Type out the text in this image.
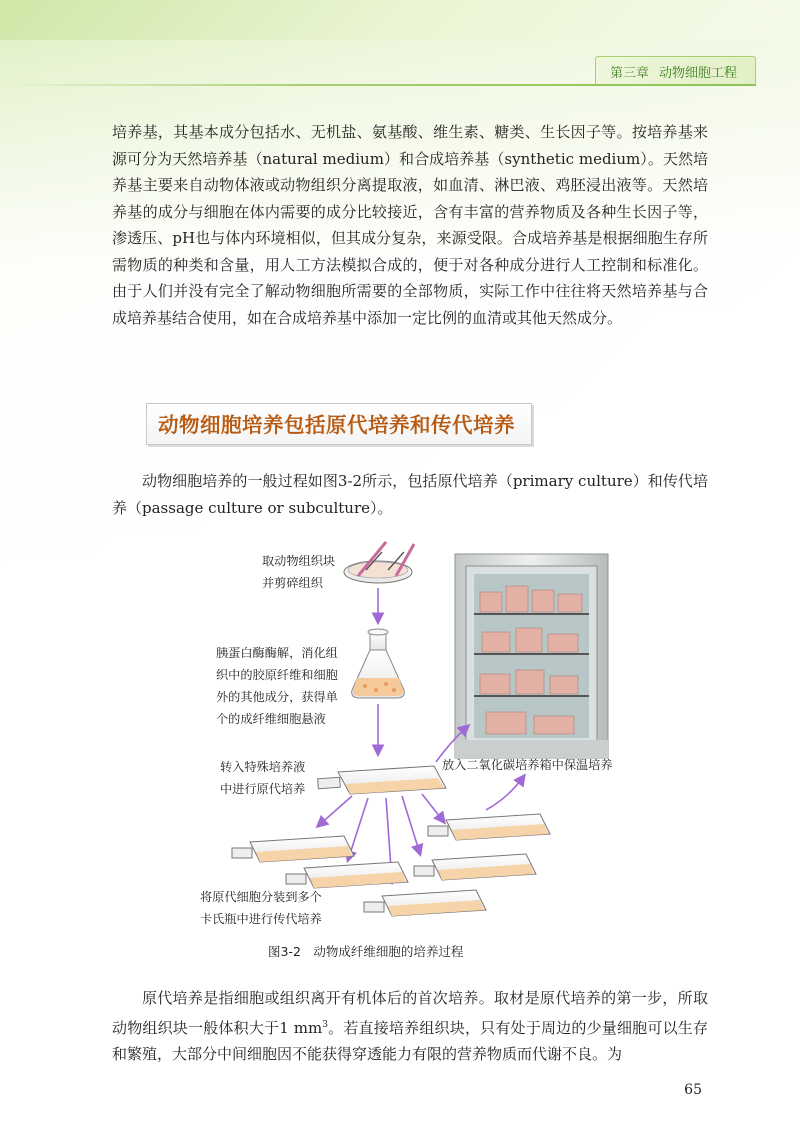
第三章 动物细胞工程

培养基，其基本成分包括水、无机盐、氨基酸、维生素、糖类、生长因子等。按培养基来源可分为天然培养基（natural medium）和合成培养基（synthetic medium）。天然培养基主要来自动物体液或动物组织分离提取液，如血清、淋巴液、鸡胚浸出液等。天然培养基的成分与细胞在体内需要的成分比较接近，含有丰富的营养物质及各种生长因子等，渗透压、pH也与体内环境相似，但其成分复杂，来源受限。合成培养基是根据细胞生存所需物质的种类和含量，用人工方法模拟合成的，便于对各种成分进行人工控制和标准化。由于人们并没有完全了解动物细胞所需要的全部物质，实际工作中往往将天然培养基与合成培养基结合使用，如在合成培养基中添加一定比例的血清或其他天然成分。

动物细胞培养包括原代培养和传代培养

动物细胞培养的一般过程如图3-2所示，包括原代培养（primary culture）和传代培养（passage culture or subculture）。

取动物组织块
并剪碎组织
胰蛋白酶酶解，消化组
织中的胶原纤维和细胞
外的其他成分，获得单
个的成纤维细胞悬液
转入特殊培养液
中进行原代培养
放入二氧化碳培养箱中保温培养
将原代细胞分装到多个
卡氏瓶中进行传代培养
图3-2　动物成纤维细胞的培养过程

原代培养是指细胞或组织离开有机体后的首次培养。取材是原代培养的第一步，所取动物组织块一般体积大于1 $mm^3$。若直接培养组织块，只有处于周边的少量细胞可以生存和繁殖，大部分中间细胞因不能获得穿透能力有限的营养物质而代谢不良。为

65
